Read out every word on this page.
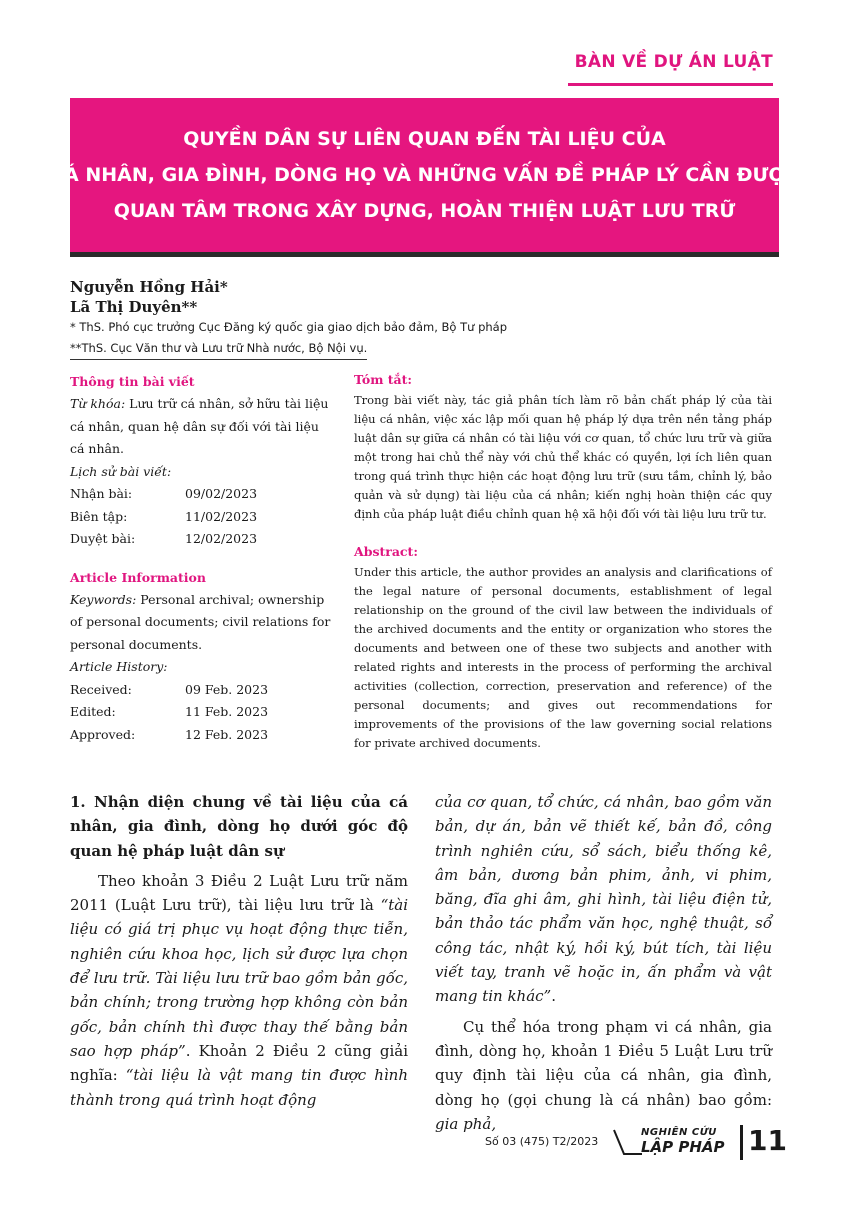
BÀN VỀ DỰ ÁN LUẬT
QUYỀN DÂN SỰ LIÊN QUAN ĐẾN TÀI LIỆU CỦA
CÁ NHÂN, GIA ĐÌNH, DÒNG HỌ VÀ NHỮNG VẤN ĐỀ PHÁP LÝ CẦN ĐƯỢC
QUAN TÂM TRONG XÂY DỰNG, HOÀN THIỆN LUẬT LƯU TRỮ
Nguyễn Hồng Hải*
Lã Thị Duyên**
* ThS. Phó cục trưởng Cục Đăng ký quốc gia giao dịch bảo đảm, Bộ Tư pháp
**ThS. Cục Văn thư và Lưu trữ Nhà nước, Bộ Nội vụ.
Thông tin bài viết
Từ khóa: Lưu trữ cá nhân, sở hữu tài liệu cá nhân, quan hệ dân sự đối với tài liệu cá nhân.
Lịch sử bài viết:
Nhận bài:	09/02/2023
Biên tập:	11/02/2023
Duyệt bài:	12/02/2023
Article Information
Keywords: Personal archival; ownership of personal documents; civil relations for personal documents.
Article History:
Received:	09 Feb. 2023
Edited:	11 Feb. 2023
Approved:	12 Feb. 2023
Tóm tắt:
Trong bài viết này, tác giả phân tích làm rõ bản chất pháp lý của tài liệu cá nhân, việc xác lập mối quan hệ pháp lý dựa trên nền tảng pháp luật dân sự giữa cá nhân có tài liệu với cơ quan, tổ chức lưu trữ và giữa một trong hai chủ thể này với chủ thể khác có quyền, lợi ích liên quan trong quá trình thực hiện các hoạt động lưu trữ (sưu tầm, chỉnh lý, bảo quản và sử dụng) tài liệu của cá nhân; kiến nghị hoàn thiện các quy định của pháp luật điều chỉnh quan hệ xã hội đối với tài liệu lưu trữ tư.
Abstract:
Under this article, the author provides an analysis and clarifications of the legal nature of personal documents, establishment of legal relationship on the ground of the civil law between the individuals of the archived documents and the entity or organization who stores the documents and between one of these two subjects and another with related rights and interests in the process of performing the archival activities (collection, correction, preservation and reference) of the personal documents; and gives out recommendations for improvements of the provisions of the law governing social relations for private archived documents.
1. Nhận diện chung về tài liệu của cá nhân, gia đình, dòng họ dưới góc độ quan hệ pháp luật dân sự
Theo khoản 3 Điều 2 Luật Lưu trữ năm 2011 (Luật Lưu trữ), tài liệu lưu trữ là “tài liệu có giá trị phục vụ hoạt động thực tiễn, nghiên cứu khoa học, lịch sử được lựa chọn để lưu trữ. Tài liệu lưu trữ bao gồm bản gốc, bản chính; trong trường hợp không còn bản gốc, bản chính thì được thay thế bằng bản sao hợp pháp”. Khoản 2 Điều 2 cũng giải nghĩa: “tài liệu là vật mang tin được hình thành trong quá trình hoạt động
của cơ quan, tổ chức, cá nhân, bao gồm văn bản, dự án, bản vẽ thiết kế, bản đồ, công trình nghiên cứu, sổ sách, biểu thống kê, âm bản, dương bản phim, ảnh, vi phim, băng, đĩa ghi âm, ghi hình, tài liệu điện tử, bản thảo tác phẩm văn học, nghệ thuật, sổ công tác, nhật ký, hồi ký, bút tích, tài liệu viết tay, tranh vẽ hoặc in, ấn phẩm và vật mang tin khác”.
Cụ thể hóa trong phạm vi cá nhân, gia đình, dòng họ, khoản 1 Điều 5 Luật Lưu trữ quy định tài liệu của cá nhân, gia đình, dòng họ (gọi chung là cá nhân) bao gồm: gia phả,
Số 03 (475) T2/2023
NGHIÊN CỨU
LẬP PHÁP 11
